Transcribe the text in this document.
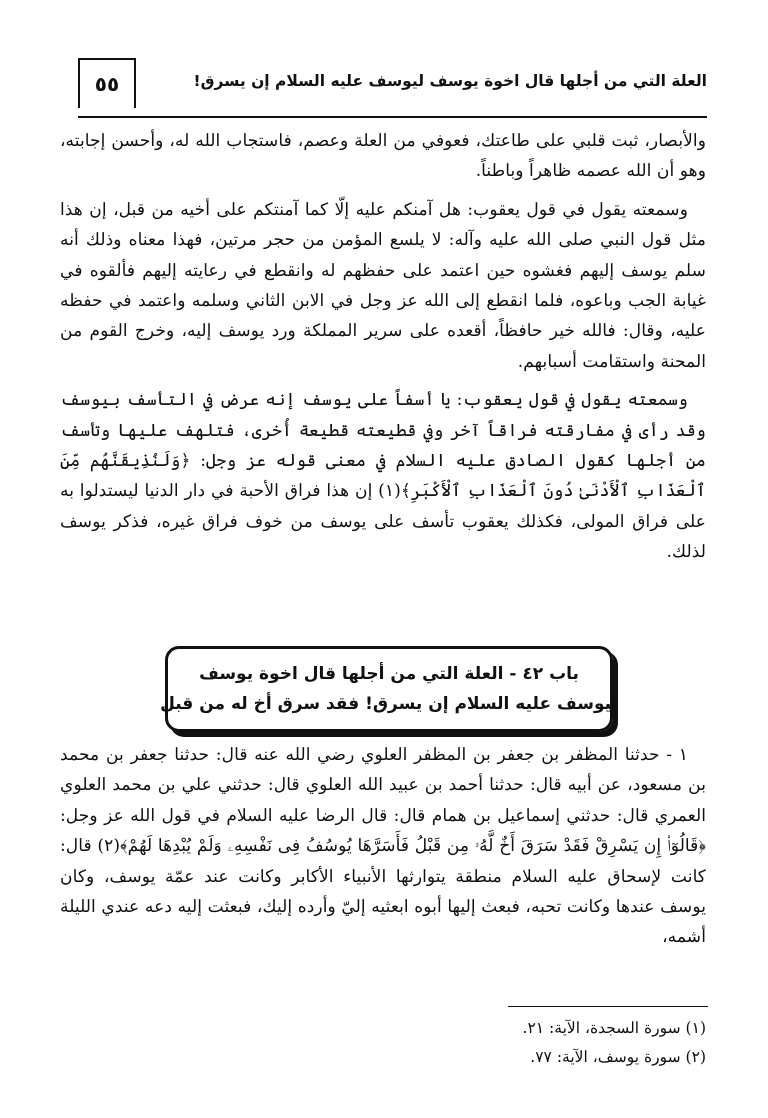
٥٥	العلة التي من أجلها قال اخوة يوسف ليوسف عليه السلام إن يسرق!

والأبصار، ثبت قلبي على طاعتك، فعوفي من العلة وعصم، فاستجاب الله له، وأحسن إجابته، وهو أن الله عصمه ظاهراً وباطناً.

وسمعته يقول في قول يعقوب: هل آمنكم عليه إلّا كما آمنتكم على أخيه من قبل، إن هذا مثل قول النبي صلى الله عليه وآله: لا يلسع المؤمن من حجر مرتين، فهذا معناه وذلك أنه سلم يوسف إليهم فغشوه حين اعتمد على حفظهم له وانقطع في رعايته إليهم فألقوه في غيابة الجب وباعوه، فلما انقطع إلى الله عز وجل في الابن الثاني وسلمه واعتمد في حفظه عليه، وقال: فالله خير حافظاً، أقعده على سرير المملكة ورد يوسف إليه، وخرج القوم من المحنة واستقامت أسبابهم.

وسمعته يقول في قول يعقوب: يا أسفاً على يوسف إنه عرض في التأسف بيوسف وقد رأى في مفارقته فراقاً آخر وفي قطيعته قطيعة أُخرى، فتلهف عليها وتأسف من أجلها كقول الصادق عليه السلام في معنى قوله عز وجل: ﴿وَلَنُذِيقَنَّهُم مِّنَ ٱلْعَذَابِ ٱلْأَدْنَىٰ دُونَ ٱلْعَذَابِ ٱلْأَكْبَرِ﴾(١) إن هذا فراق الأحبة في دار الدنيا ليستدلوا به على فراق المولى، فكذلك يعقوب تأسف على يوسف من خوف فراق غيره، فذكر يوسف لذلك.

باب ٤٢ - العلة التي من أجلها قال اخوة يوسف
ليوسف عليه السلام إن يسرق! فقد سرق أخ له من قبل

١ - حدثنا المظفر بن جعفر بن المظفر العلوي رضي الله عنه قال: حدثنا جعفر بن محمد بن مسعود، عن أبيه قال: حدثنا أحمد بن عبيد الله العلوي قال: حدثني علي بن محمد العلوي العمري قال: حدثني إسماعيل بن همام قال: قال الرضا عليه السلام في قول الله عز وجل: ﴿قَالُوٓا۟ إِن يَسْرِقْ فَقَدْ سَرَقَ أَخٌ لَّهُۥ مِن قَبْلُ فَأَسَرَّهَا يُوسُفُ فِى نَفْسِهِۦ وَلَمْ يُبْدِهَا لَهُمْ﴾(٢) قال: كانت لإسحاق عليه السلام منطقة يتوارثها الأنبياء الأكابر وكانت عند عمّة يوسف، وكان يوسف عندها وكانت تحبه، فبعث إليها أبوه ابعثيه إليّ وأرده إليك، فبعثت إليه دعه عندي الليلة أشمه،

(١) سورة السجدة، الآية: ٢١.
(٢) سورة يوسف، الآية: ٧٧.
